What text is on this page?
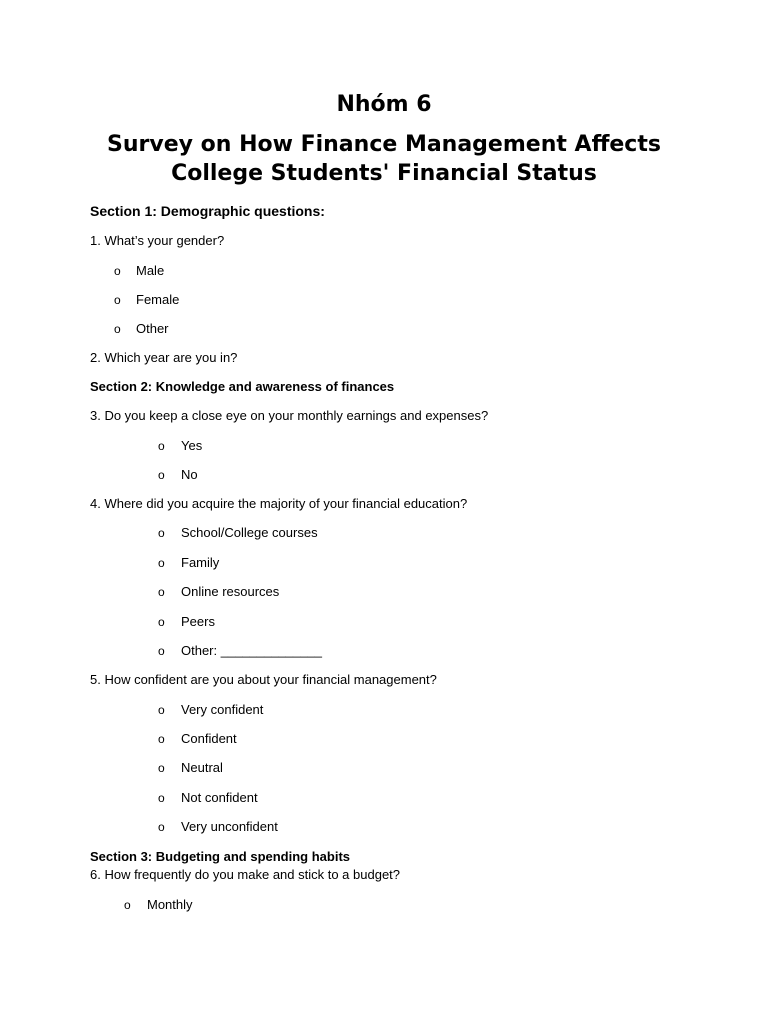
Nhóm 6
Survey on How Finance Management Affects
College Students' Financial Status
Section 1: Demographic questions:
1. What’s your gender?
o Male
o Female
o Other
2. Which year are you in?
Section 2: Knowledge and awareness of finances
3. Do you keep a close eye on your monthly earnings and expenses?
o Yes
o No
4. Where did you acquire the majority of your financial education?
o School/College courses
o Family
o Online resources
o Peers
o Other: ______________
5. How confident are you about your financial management?
o Very confident
o Confident
o Neutral
o Not confident
o Very unconfident
Section 3: Budgeting and spending habits
6. How frequently do you make and stick to a budget?
o Monthly
